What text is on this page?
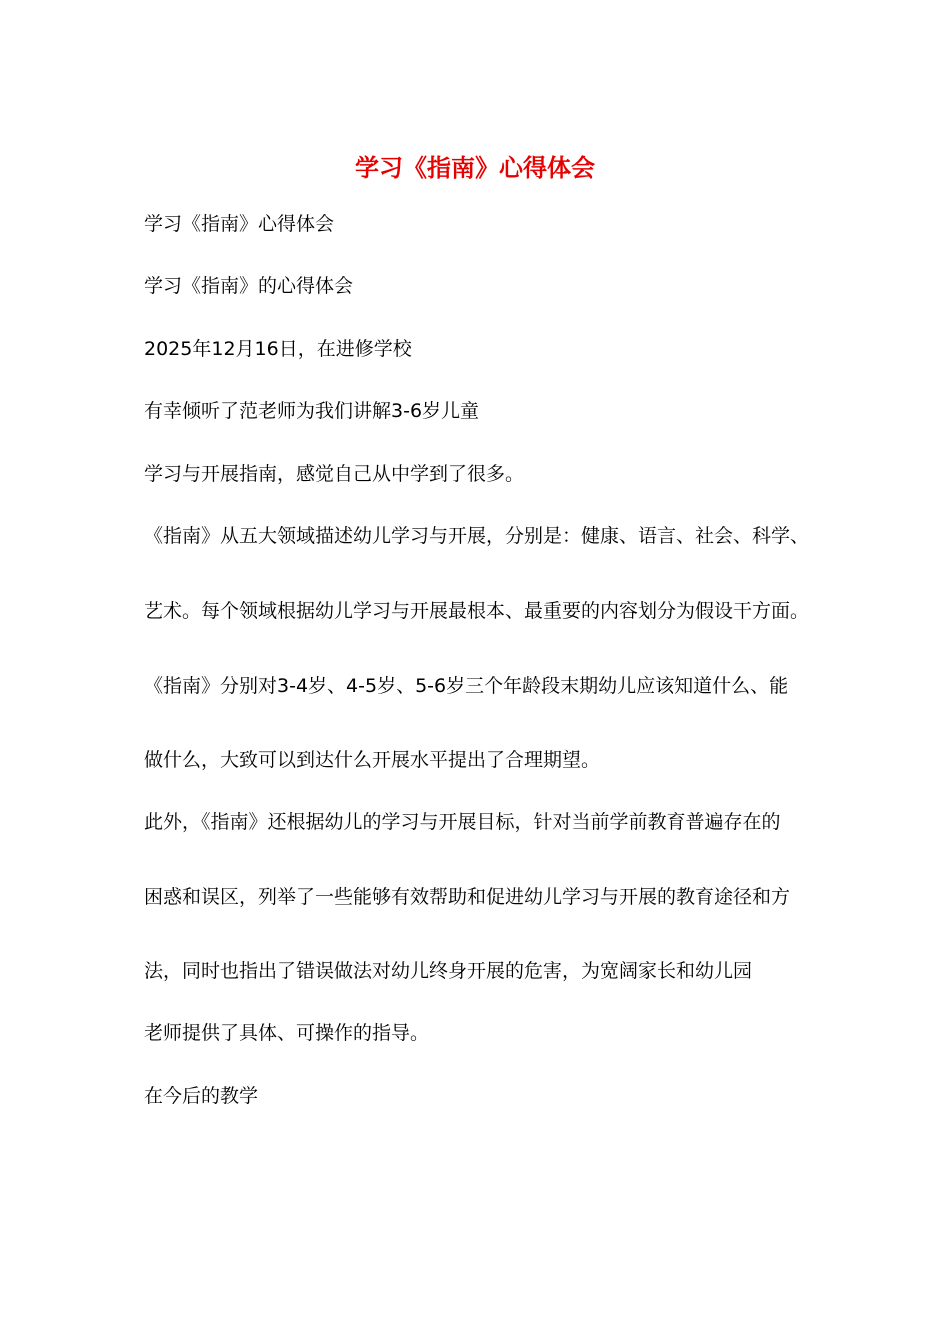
学习《指南》心得体会

学习《指南》心得体会

学习《指南》的心得体会

2025年12月16日，在进修学校

有幸倾听了范老师为我们讲解3-6岁儿童

学习与开展指南，感觉自己从中学到了很多。

《指南》从五大领域描述幼儿学习与开展，分别是：健康、语言、社会、科学、

艺术。每个领域根据幼儿学习与开展最根本、最重要的内容划分为假设干方面。

《指南》分别对3-4岁、4-5岁、5-6岁三个年龄段末期幼儿应该知道什么、能

做什么，大致可以到达什么开展水平提出了合理期望。

此外，《指南》还根据幼儿的学习与开展目标，针对当前学前教育普遍存在的

困惑和误区，列举了一些能够有效帮助和促进幼儿学习与开展的教育途径和方

法，同时也指出了错误做法对幼儿终身开展的危害，为宽阔家长和幼儿园

老师提供了具体、可操作的指导。

在今后的教学
